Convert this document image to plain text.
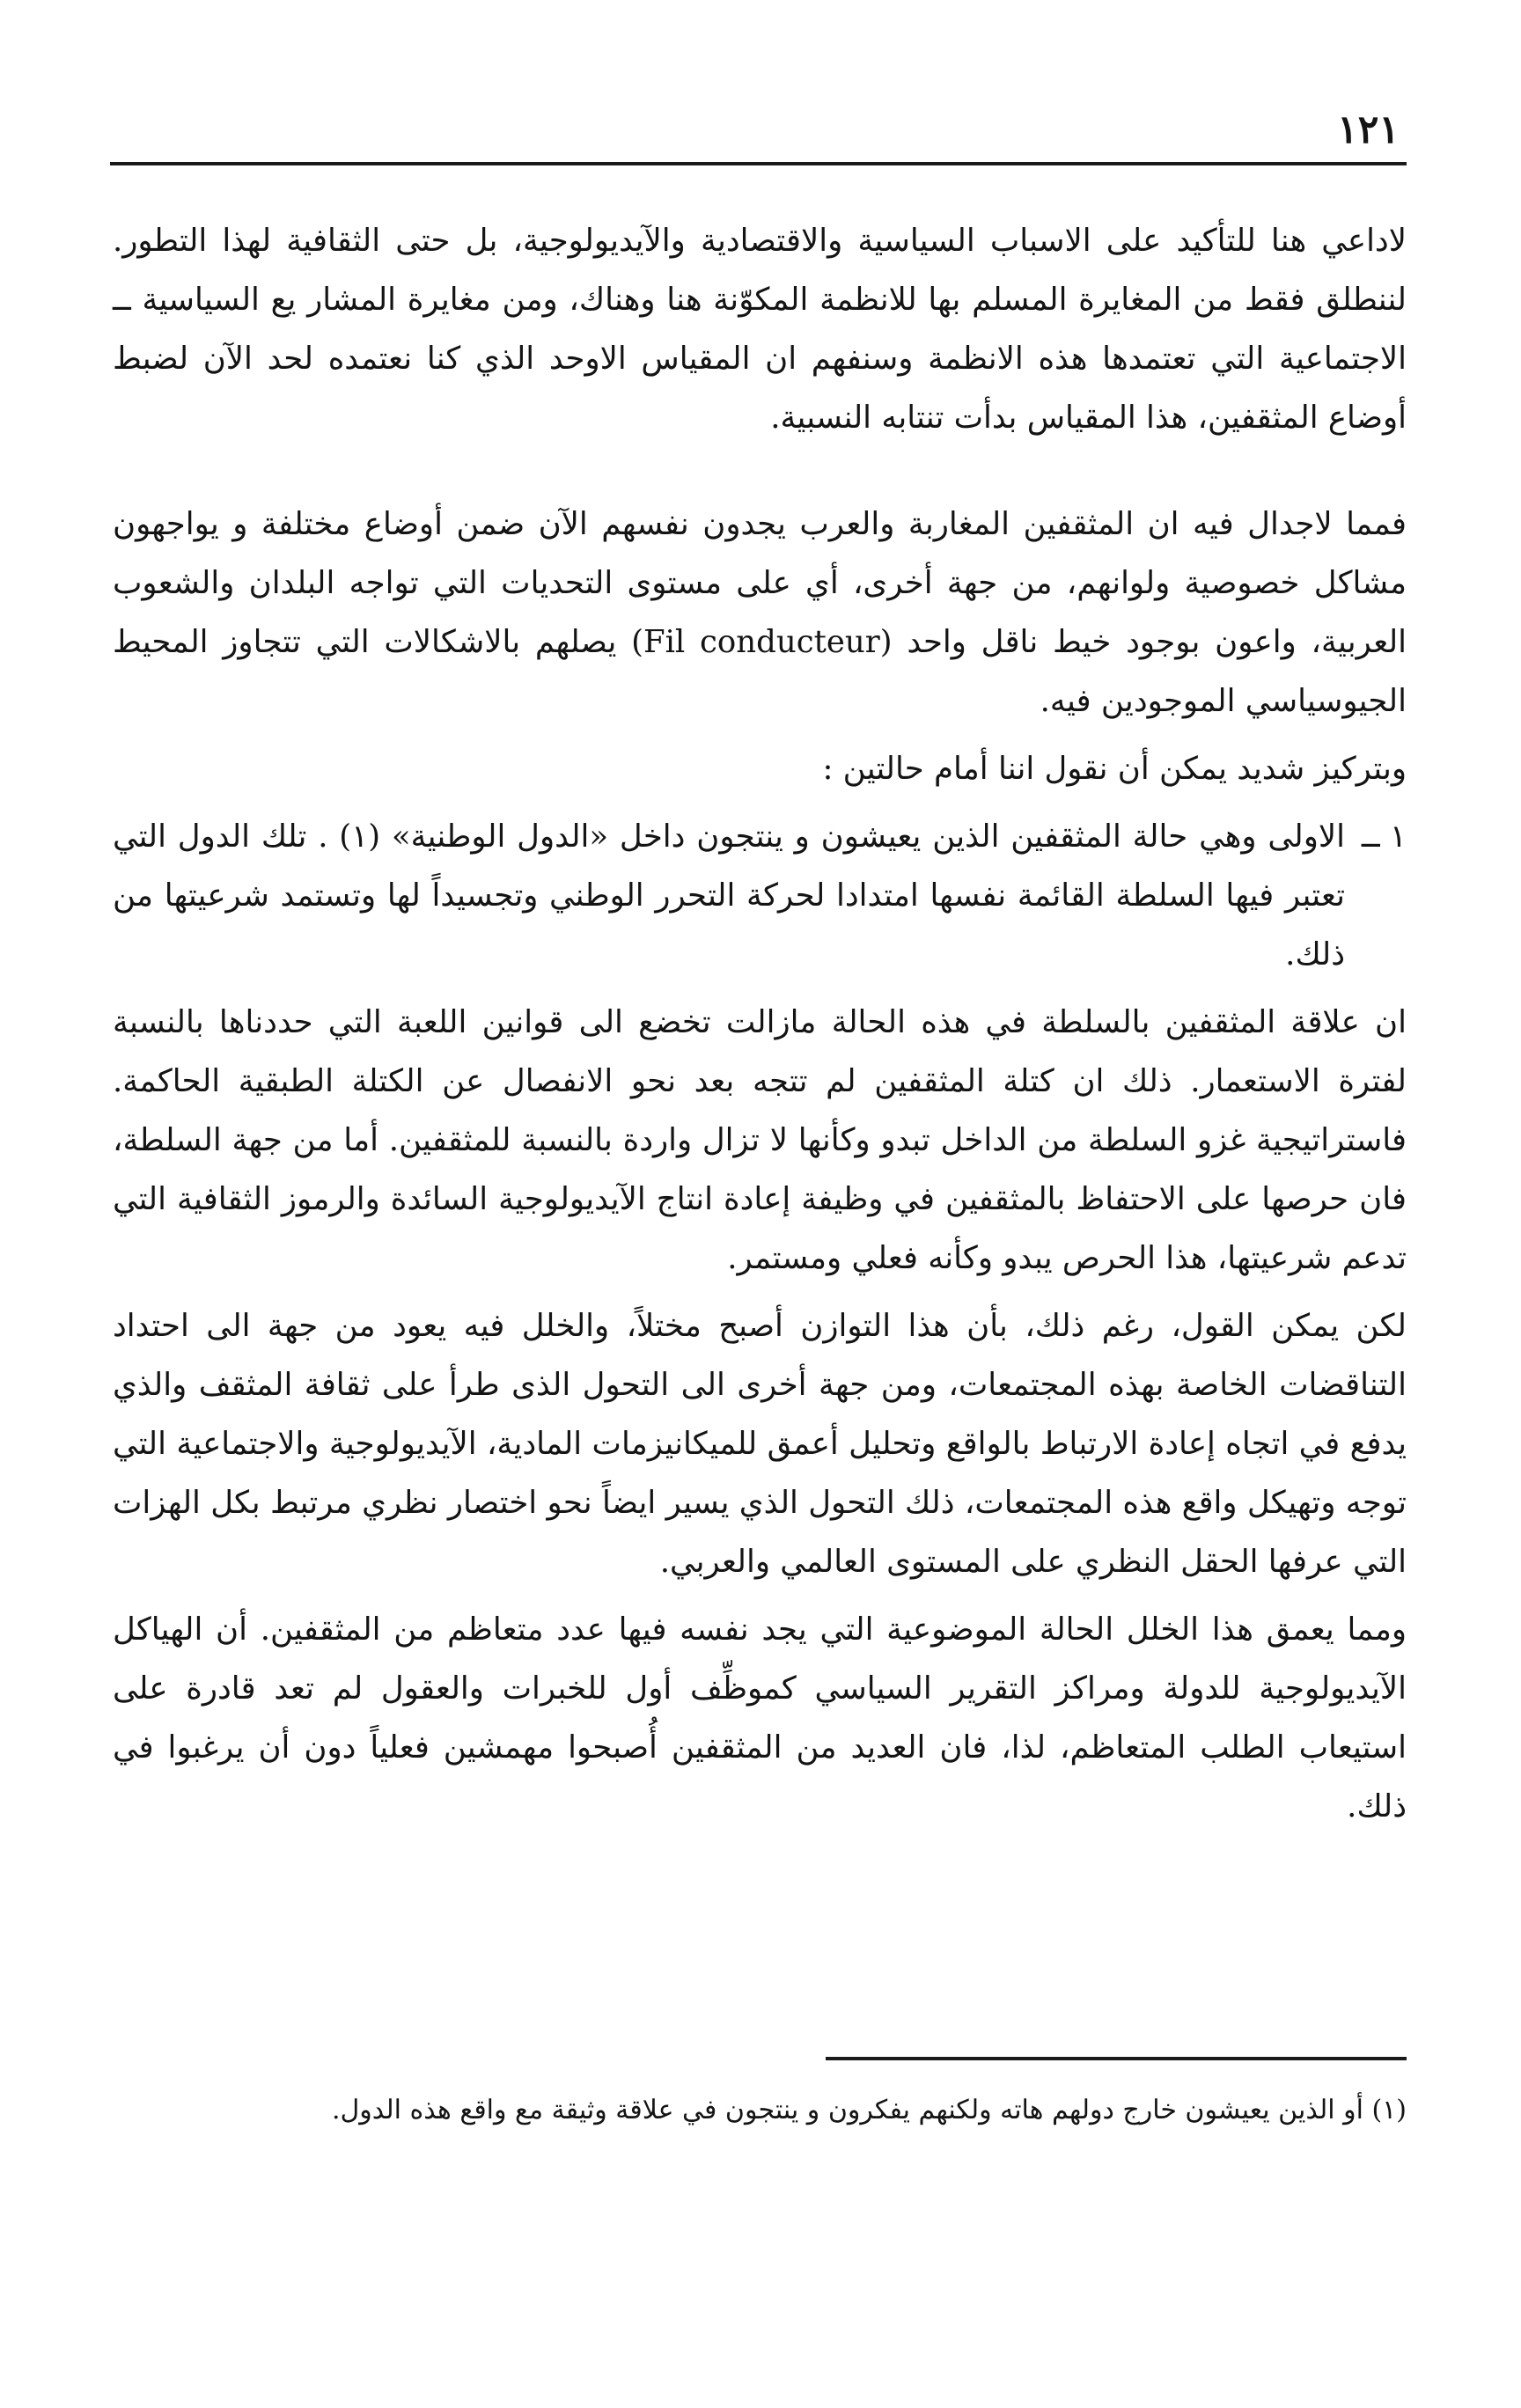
١٢١

لاداعي هنا للتأكيد على الاسباب السياسية والاقتصادية والآيديولوجية، بل حتى الثقافية لهذا التطور. لننطلق فقط من المغايرة المسلم بها للانظمة المكوّنة هنا وهناك، ومن مغايرة المشار يع السياسية ــ الاجتماعية التي تعتمدها هذه الانظمة وسنفهم ان المقياس الاوحد الذي كنا نعتمده لحد الآن لضبط أوضاع المثقفين، هذا المقياس بدأت تنتابه النسبية.

فمما لاجدال فيه ان المثقفين المغاربة والعرب يجدون نفسهم الآن ضمن أوضاع مختلفة و يواجهون مشاكل خصوصية ولوانهم، من جهة أخرى، أي على مستوى التحديات التي تواجه البلدان والشعوب العربية، واعون بوجود خيط ناقل واحد (Fil conducteur) يصلهم بالاشكالات التي تتجاوز المحيط الجيوسياسي الموجودين فيه.

وبتركيز شديد يمكن أن نقول اننا أمام حالتين :

١ ــ
الاولى وهي حالة المثقفين الذين يعيشون و ينتجون داخل «الدول الوطنية» (١) . تلك الدول التي تعتبر فيها السلطة القائمة نفسها امتدادا لحركة التحرر الوطني وتجسيداً لها وتستمد شرعيتها من ذلك.

ان علاقة المثقفين بالسلطة في هذه الحالة مازالت تخضع الى قوانين اللعبة التي حددناها بالنسبة لفترة الاستعمار. ذلك ان كتلة المثقفين لم تتجه بعد نحو الانفصال عن الكتلة الطبقية الحاكمة. فاستراتيجية غزو السلطة من الداخل تبدو وكأنها لا تزال واردة بالنسبة للمثقفين. أما من جهة السلطة، فان حرصها على الاحتفاظ بالمثقفين في وظيفة إعادة انتاج الآيديولوجية السائدة والرموز الثقافية التي تدعم شرعيتها، هذا الحرص يبدو وكأنه فعلي ومستمر.

لكن يمكن القول، رغم ذلك، بأن هذا التوازن أصبح مختلاً، والخلل فيه يعود من جهة الى احتداد التناقضات الخاصة بهذه المجتمعات، ومن جهة أخرى الى التحول الذى طرأ على ثقافة المثقف والذي يدفع في اتجاه إعادة الارتباط بالواقع وتحليل أعمق للميكانيزمات المادية، الآيديولوجية والاجتماعية التي توجه وتهيكل واقع هذه المجتمعات، ذلك التحول الذي يسير ايضاً نحو اختصار نظري مرتبط بكل الهزات التي عرفها الحقل النظري على المستوى العالمي والعربي.

ومما يعمق هذا الخلل الحالة الموضوعية التي يجد نفسه فيها عدد متعاظم من المثقفين. أن الهياكل الآيديولوجية للدولة ومراكز التقرير السياسي كموظِّف أول للخبرات والعقول لم تعد قادرة على استيعاب الطلب المتعاظم، لذا، فان العديد من المثقفين أُصبحوا مهمشين فعلياً دون أن يرغبوا في ذلك.

(١) أو الذين يعيشون خارج دولهم هاته ولكنهم يفكرون و ينتجون في علاقة وثيقة مع واقع هذه الدول.
